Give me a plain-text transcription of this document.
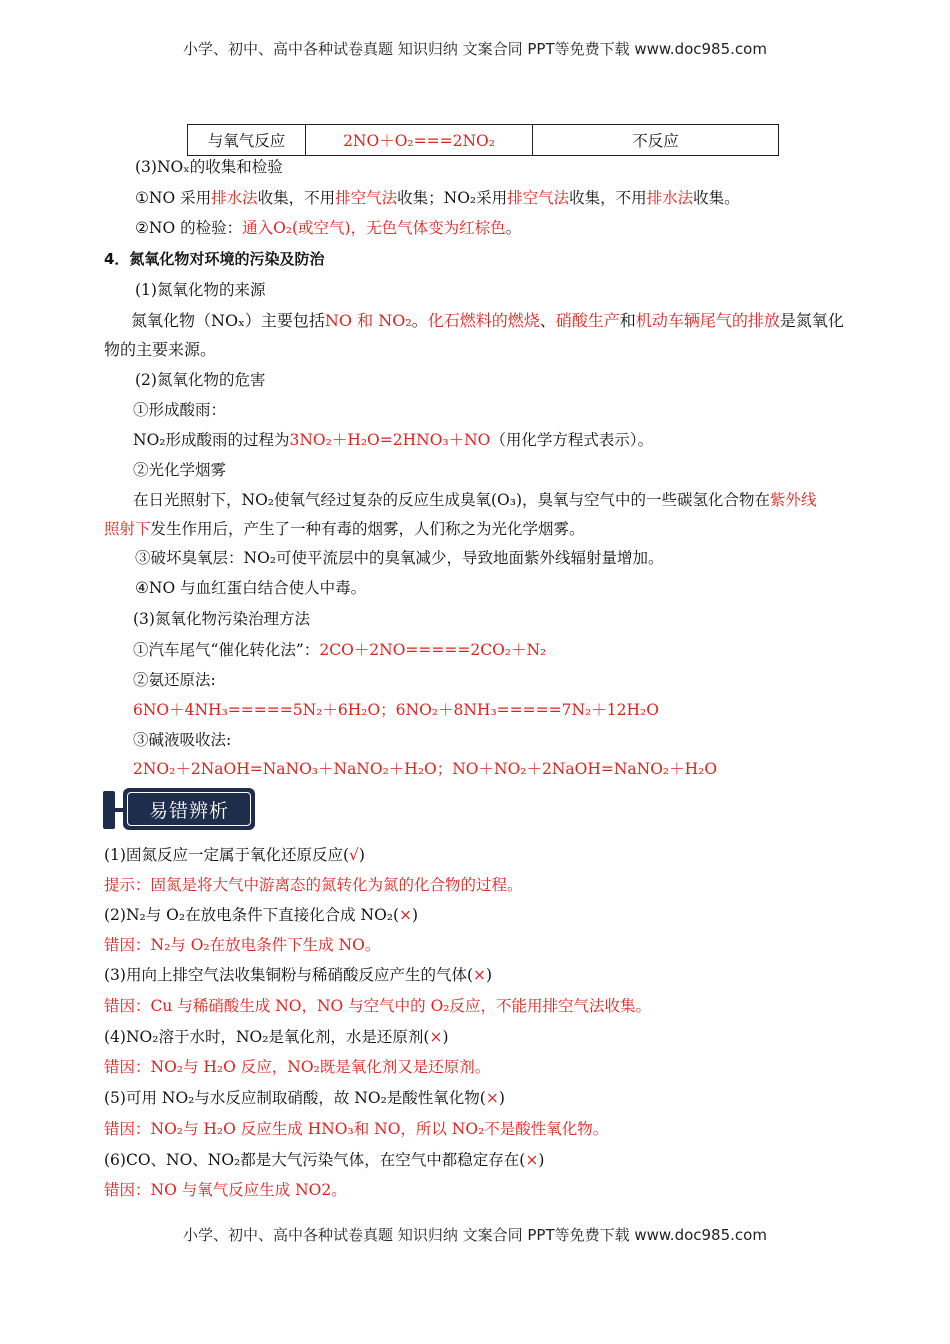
小学、初中、高中各种试卷真题 知识归纳 文案合同 PPT等免费下载 www.doc985.com
与氧气反应	2NO＋O₂===2NO₂	不反应
(3)NOₓ的收集和检验
①NO 采用排水法收集，不用排空气法收集；NO₂采用排空气法收集，不用排水法收集。
②NO 的检验：通入O₂(或空气)，无色气体变为红棕色。
4．氮氧化物对环境的污染及防治
(1)氮氧化物的来源
氮氧化物（NOₓ）主要包括NO 和 NO₂。化石燃料的燃烧、硝酸生产和机动车辆尾气的排放是氮氧化
物的主要来源。
(2)氮氧化物的危害
①形成酸雨：
NO₂形成酸雨的过程为3NO₂＋H₂O=2HNO₃＋NO（用化学方程式表示）。
②光化学烟雾
在日光照射下，NO₂使氧气经过复杂的反应生成臭氧(O₃)，臭氧与空气中的一些碳氢化合物在紫外线
照射下发生作用后，产生了一种有毒的烟雾，人们称之为光化学烟雾。
③破坏臭氧层：NO₂可使平流层中的臭氧减少，导致地面紫外线辐射量增加。
④NO 与血红蛋白结合使人中毒。
(3)氮氧化物污染治理方法
①汽车尾气“催化转化法”：2CO＋2NO=====2CO₂＋N₂
②氨还原法:
6NO＋4NH₃=====5N₂＋6H₂O；6NO₂＋8NH₃=====7N₂＋12H₂O
③碱液吸收法:
2NO₂＋2NaOH=NaNO₃＋NaNO₂＋H₂O；NO＋NO₂＋2NaOH=NaNO₂＋H₂O
易错辨析
(1)固氮反应一定属于氧化还原反应(√)
提示：固氮是将大气中游离态的氮转化为氮的化合物的过程。
(2)N₂与 O₂在放电条件下直接化合成 NO₂(×)
错因：N₂与 O₂在放电条件下生成 NO。
(3)用向上排空气法收集铜粉与稀硝酸反应产生的气体(×)
错因：Cu 与稀硝酸生成 NO，NO 与空气中的 O₂反应，不能用排空气法收集。
(4)NO₂溶于水时，NO₂是氧化剂，水是还原剂(×)
错因：NO₂与 H₂O 反应，NO₂既是氧化剂又是还原剂。
(5)可用 NO₂与水反应制取硝酸，故 NO₂是酸性氧化物(×)
错因：NO₂与 H₂O 反应生成 HNO₃和 NO，所以 NO₂不是酸性氧化物。
(6)CO、NO、NO₂都是大气污染气体，在空气中都稳定存在(×)
错因：NO 与氧气反应生成 NO2。
小学、初中、高中各种试卷真题 知识归纳 文案合同 PPT等免费下载 www.doc985.com
